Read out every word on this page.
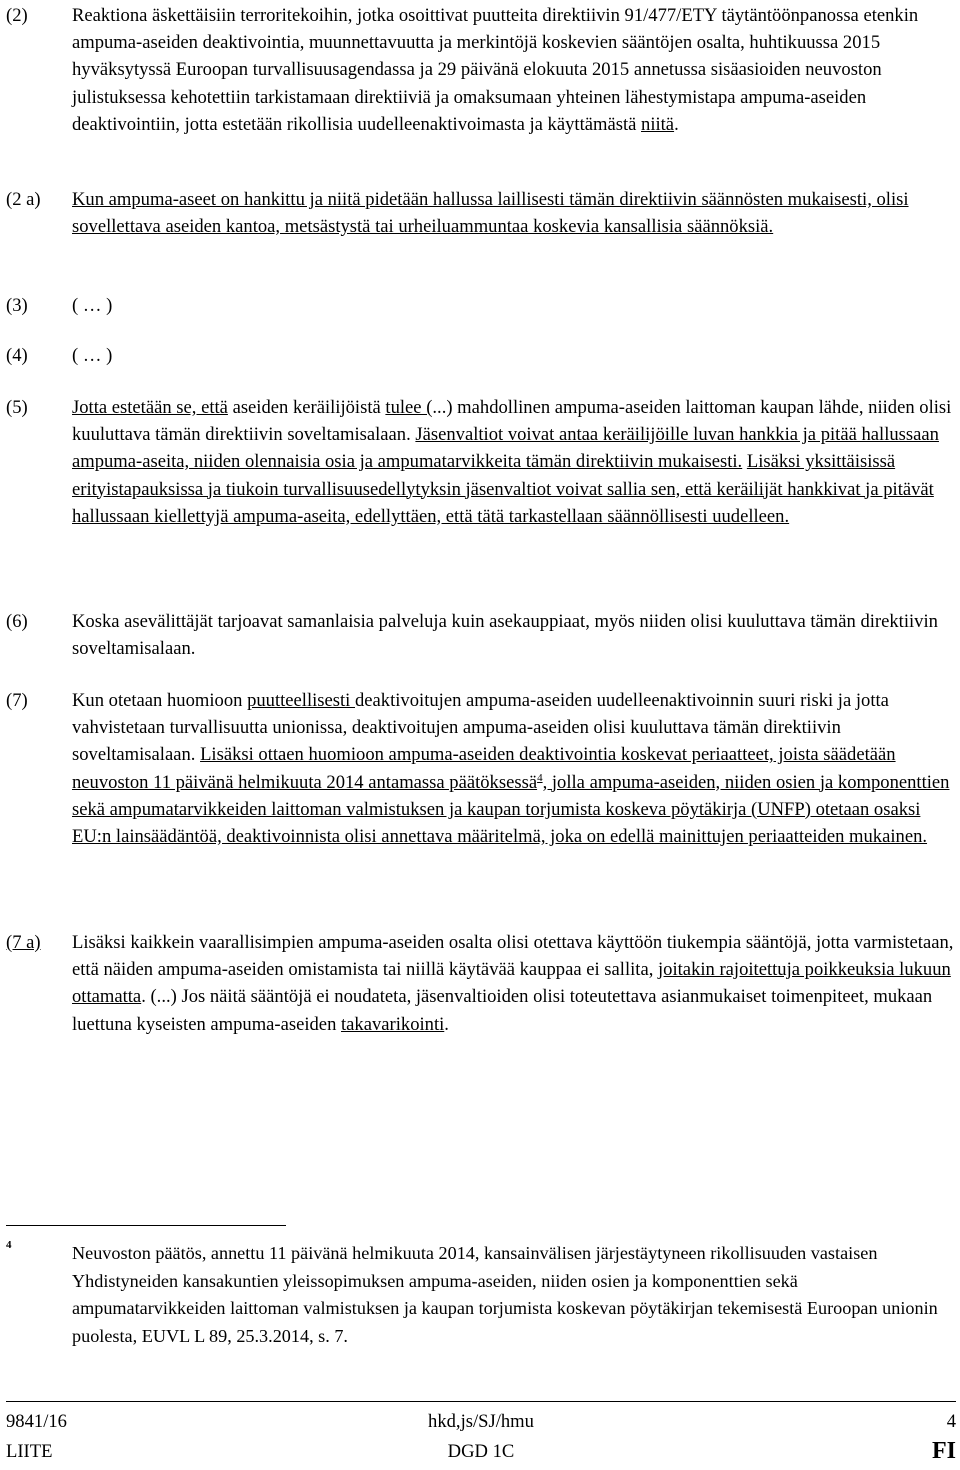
(2) Reaktiona äskettäisiin terroritekoihin, jotka osoittivat puutteita direktiivin 91/477/ETY täytäntöönpanossa etenkin ampuma-aseiden deaktivointia, muunnettavuutta ja merkintöjä koskevien sääntöjen osalta, huhtikuussa 2015 hyväksytyssä Euroopan turvallisuusagendassa ja 29 päivänä elokuuta 2015 annetussa sisäasioiden neuvoston julistuksessa kehotettiin tarkistamaan direktiiviä ja omaksumaan yhteinen lähestymistapa ampuma-aseiden deaktivointiin, jotta estetään rikollisia uudelleenaktivoimasta ja käyttämästä niitä.

(2 a) Kun ampuma-aseet on hankittu ja niitä pidetään hallussa laillisesti tämän direktiivin säännösten mukaisesti, olisi sovellettava aseiden kantoa, metsästystä tai urheiluammuntaa koskevia kansallisia säännöksiä.

(3) ( … )

(4) ( … )

(5) Jotta estetään se, että aseiden keräilijöistä tulee (...) mahdollinen ampuma-aseiden laittoman kaupan lähde, niiden olisi kuuluttava tämän direktiivin soveltamisalaan. Jäsenvaltiot voivat antaa keräilijöille luvan hankkia ja pitää hallussaan ampuma-aseita, niiden olennaisia osia ja ampumatarvikkeita tämän direktiivin mukaisesti. Lisäksi yksittäisissä erityistapauksissa ja tiukoin turvallisuusedellytyksin jäsenvaltiot voivat sallia sen, että keräilijät hankkivat ja pitävät hallussaan kiellettyjä ampuma-aseita, edellyttäen, että tätä tarkastellaan säännöllisesti uudelleen.

(6) Koska asevälittäjät tarjoavat samanlaisia palveluja kuin asekauppiaat, myös niiden olisi kuuluttava tämän direktiivin soveltamisalaan.

(7) Kun otetaan huomioon puutteellisesti deaktivoitujen ampuma-aseiden uudelleenaktivoinnin suuri riski ja jotta vahvistetaan turvallisuutta unionissa, deaktivoitujen ampuma-aseiden olisi kuuluttava tämän direktiivin soveltamisalaan. Lisäksi ottaen huomioon ampuma-aseiden deaktivointia koskevat periaatteet, joista säädetään neuvoston 11 päivänä helmikuuta 2014 antamassa päätöksessä$^4$, jolla ampuma-aseiden, niiden osien ja komponenttien sekä ampumatarvikkeiden laittoman valmistuksen ja kaupan torjumista koskeva pöytäkirja (UNFP) otetaan osaksi EU:n lainsäädäntöä, deaktivoinnista olisi annettava määritelmä, joka on edellä mainittujen periaatteiden mukainen.

(7 a) Lisäksi kaikkein vaarallisimpien ampuma-aseiden osalta olisi otettava käyttöön tiukempia sääntöjä, jotta varmistetaan, että näiden ampuma-aseiden omistamista tai niillä käytävää kauppaa ei sallita, joitakin rajoitettuja poikkeuksia lukuun ottamatta. (...) Jos näitä sääntöjä ei noudateta, jäsenvaltioiden olisi toteutettava asianmukaiset toimenpiteet, mukaan luettuna kyseisten ampuma-aseiden takavarikointi.

4	Neuvoston päätös, annettu 11 päivänä helmikuuta 2014, kansainvälisen järjestäytyneen rikollisuuden vastaisen Yhdistyneiden kansakuntien yleissopimuksen ampuma-aseiden, niiden osien ja komponenttien sekä ampumatarvikkeiden laittoman valmistuksen ja kaupan torjumista koskevan pöytäkirjan tekemisestä Euroopan unionin puolesta, EUVL L 89, 25.3.2014, s. 7.
9841/16	hkd,js/SJ/hmu	4
LIITE	DGD 1C	FI
